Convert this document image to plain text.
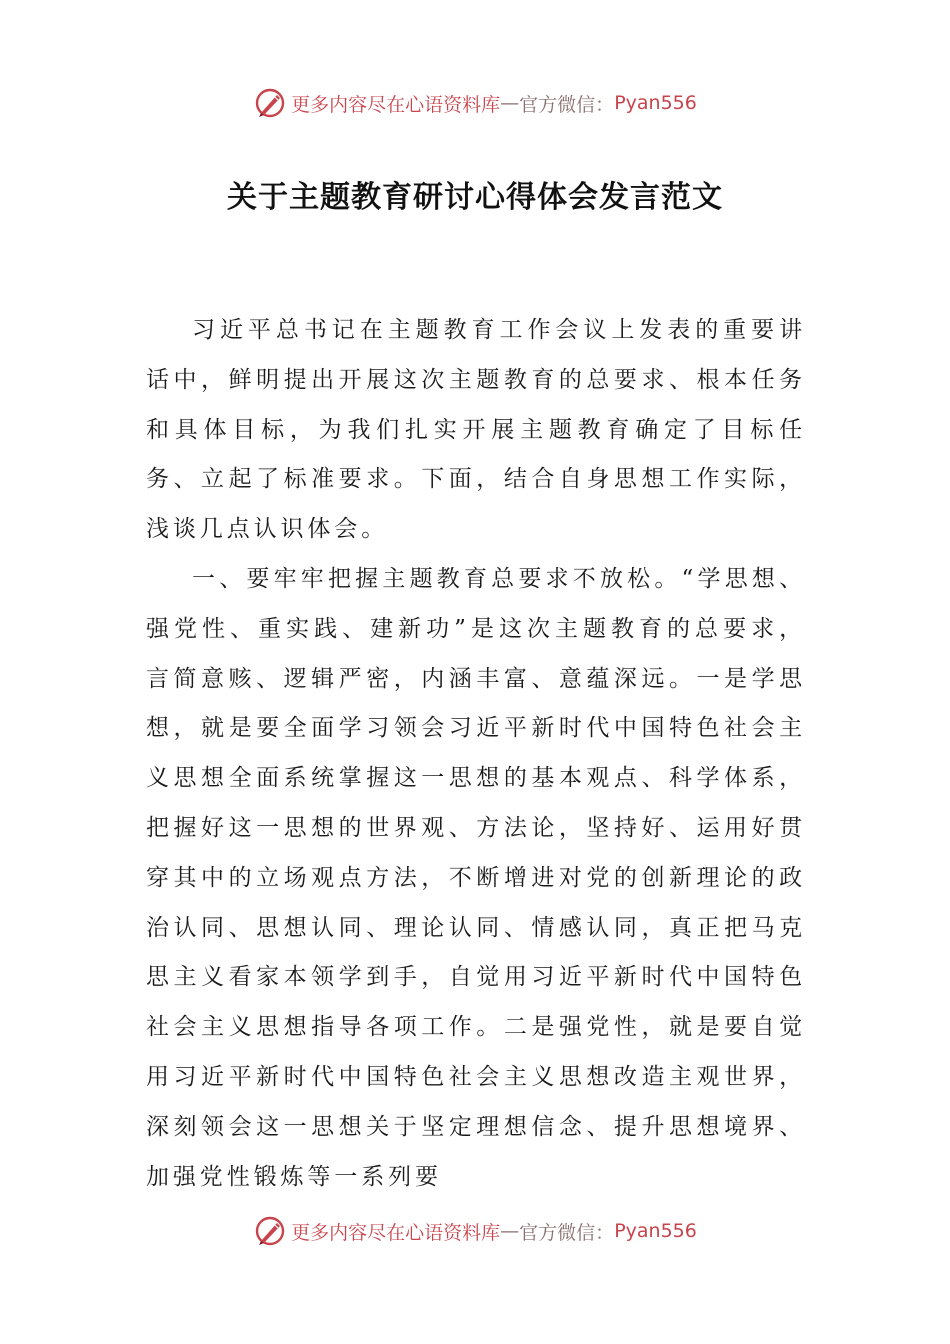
更多内容尽在心语资料库 — 官方微信： Pyan556
关于主题教育研讨心得体会发言范文

习近平总书记在主题教育工作会议上发表的重要讲话中，鲜明提出开展这次主题教育的总要求、根本任务和具体目标，为我们扎实开展主题教育确定了目标任务、立起了标准要求。下面，结合自身思想工作实际，浅谈几点认识体会。

一、要牢牢把握主题教育总要求不放松。“学思想、强党性、重实践、建新功”是这次主题教育的总要求，言简意赅、逻辑严密，内涵丰富、意蕴深远。一是学思想，就是要全面学习领会习近平新时代中国特色社会主义思想全面系统掌握这一思想的基本观点、科学体系，把握好这一思想的世界观、方法论，坚持好、运用好贯穿其中的立场观点方法，不断增进对党的创新理论的政治认同、思想认同、理论认同、情感认同，真正把马克思主义看家本领学到手，自觉用习近平新时代中国特色社会主义思想指导各项工作。二是强党性，就是要自觉用习近平新时代中国特色社会主义思想改造主观世界，深刻领会这一思想关于坚定理想信念、提升思想境界、加强党性锻炼等一系列要

更多内容尽在心语资料库 — 官方微信： Pyan556
